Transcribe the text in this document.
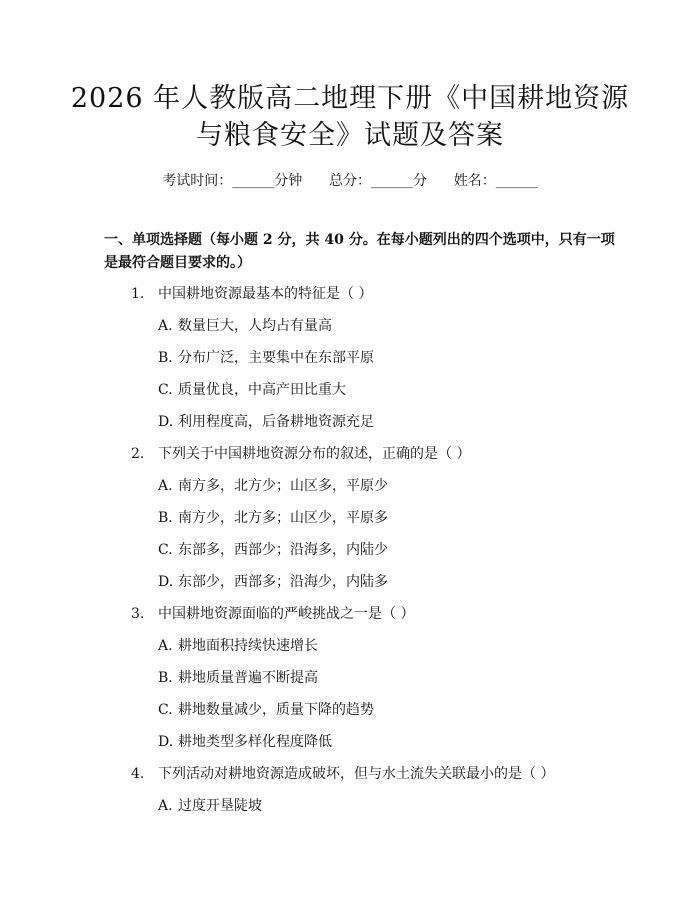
2026 年人教版高二地理下册《中国耕地资源
与粮食安全》试题及答案
考试时间：______分钟      总分：______分      姓名：______
一、单项选择题（每小题 2 分，共 40 分。在每小题列出的四个选项中，只有一项是最符合题目要求的。）
1. 中国耕地资源最基本的特征是（ ）
A. 数量巨大，人均占有量高
B. 分布广泛，主要集中在东部平原
C. 质量优良，中高产田比重大
D. 利用程度高，后备耕地资源充足
2. 下列关于中国耕地资源分布的叙述，正确的是（ ）
A. 南方多，北方少；山区多，平原少
B. 南方少，北方多；山区少，平原多
C. 东部多，西部少；沿海多，内陆少
D. 东部少，西部多；沿海少，内陆多
3. 中国耕地资源面临的严峻挑战之一是（ ）
A. 耕地面积持续快速增长
B. 耕地质量普遍不断提高
C. 耕地数量减少，质量下降的趋势
D. 耕地类型多样化程度降低
4. 下列活动对耕地资源造成破坏，但与水土流失关联最小的是（ ）
A. 过度开垦陡坡
